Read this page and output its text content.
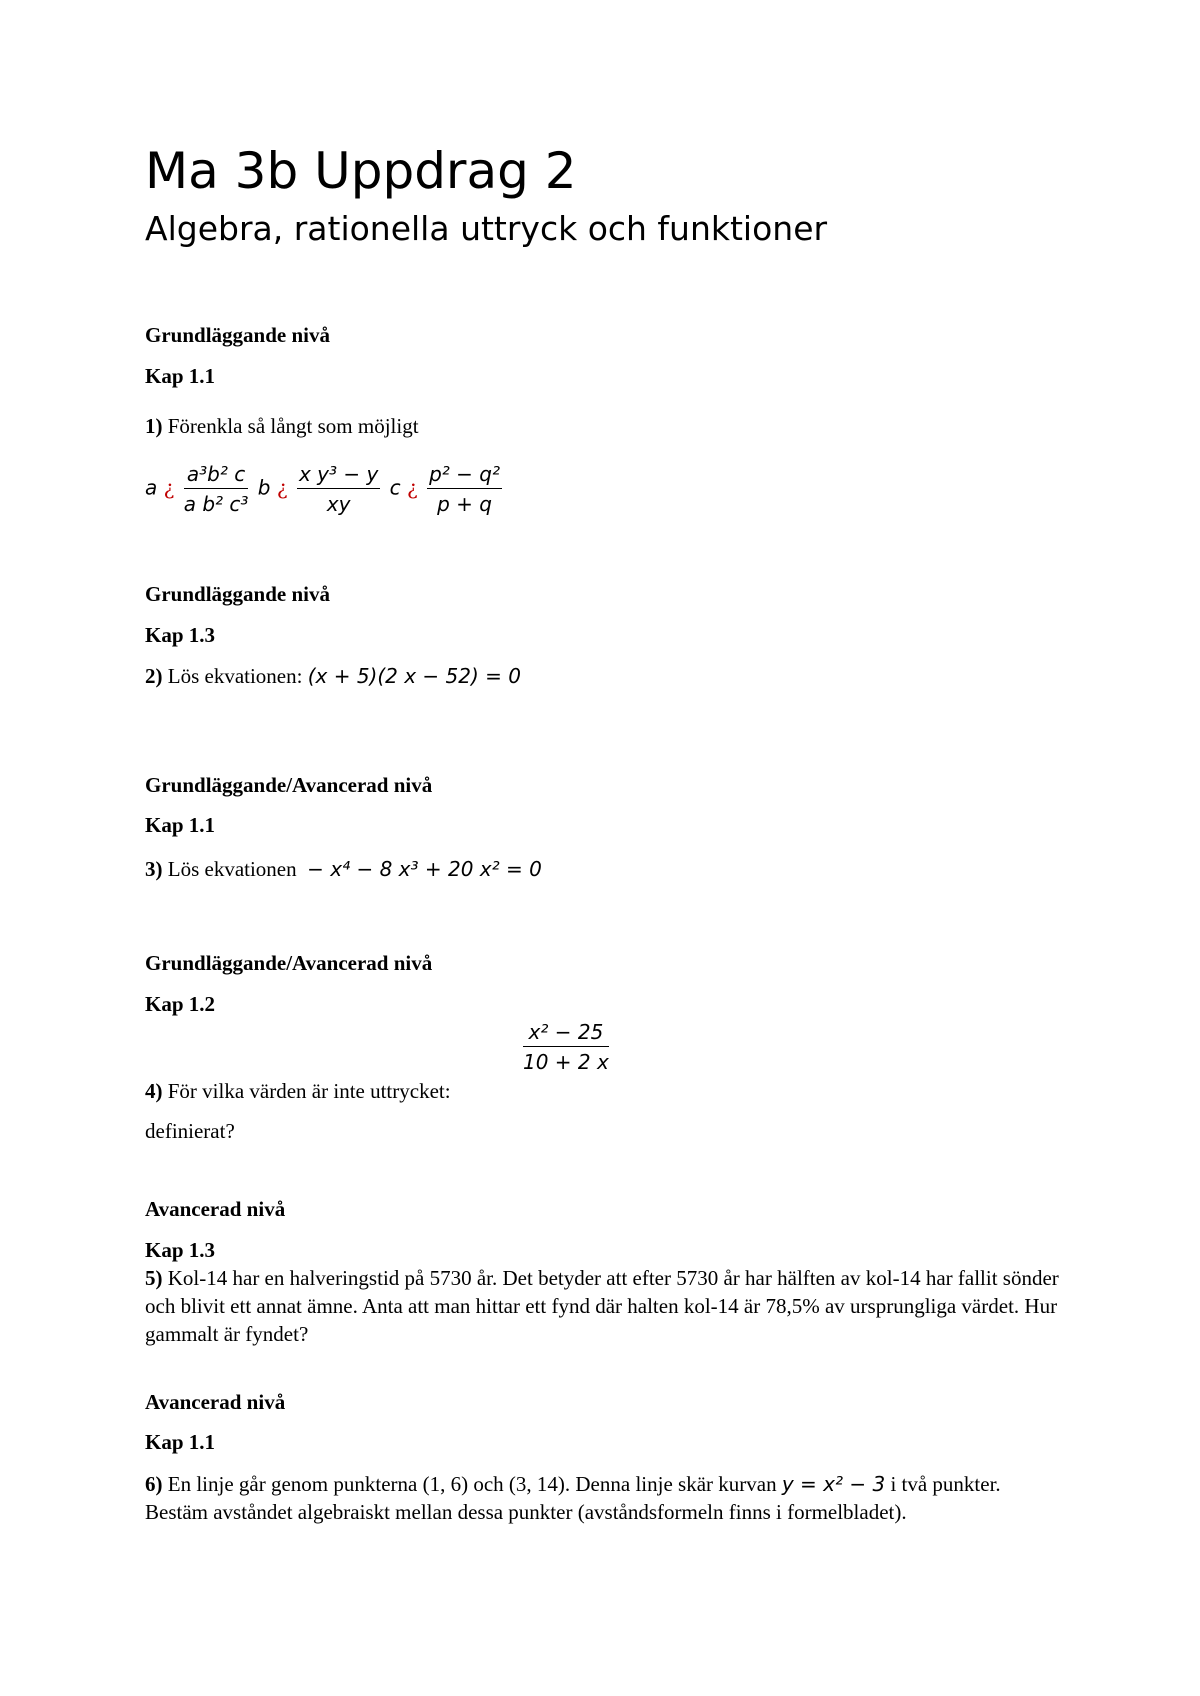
Ma 3b Uppdrag 2
Algebra, rationella uttryck och funktioner
Grundläggande nivå
Kap 1.1
1) Förenkla så långt som möjligt
a ¿ $\frac{\text{a³b² c}}{\text{a b² c³}}$ b ¿ $\frac{\text{x y³ − y}}{xy}$ c ¿ $\frac{\text{p² − q²}}{p + q}$
Grundläggande nivå
Kap 1.3
2) Lös ekvationen: (x + 5)(2 x − 52) = 0
Grundläggande/Avancerad nivå
Kap 1.1
3) Lös ekvationen − x⁴ − 8 x³ + 20 x² = 0
Grundläggande/Avancerad nivå
Kap 1.2
$\frac{\text{x² − 25}}{10 + 2 x}$
4) För vilka värden är inte uttrycket:
definierat?
Avancerad nivå
Kap 1.3
5) Kol-14 har en halveringstid på 5730 år. Det betyder att efter 5730 år har hälften av kol-14 har fallit sönder och blivit ett annat ämne. Anta att man hittar ett fynd där halten kol-14 är 78,5% av ursprungliga värdet. Hur gammalt är fyndet?
Avancerad nivå
Kap 1.1
6) En linje går genom punkterna (1, 6) och (3, 14). Denna linje skär kurvan y = x² − 3 i två punkter. Bestäm avståndet algebraiskt mellan dessa punkter (avståndsformeln finns i formelbladet).
